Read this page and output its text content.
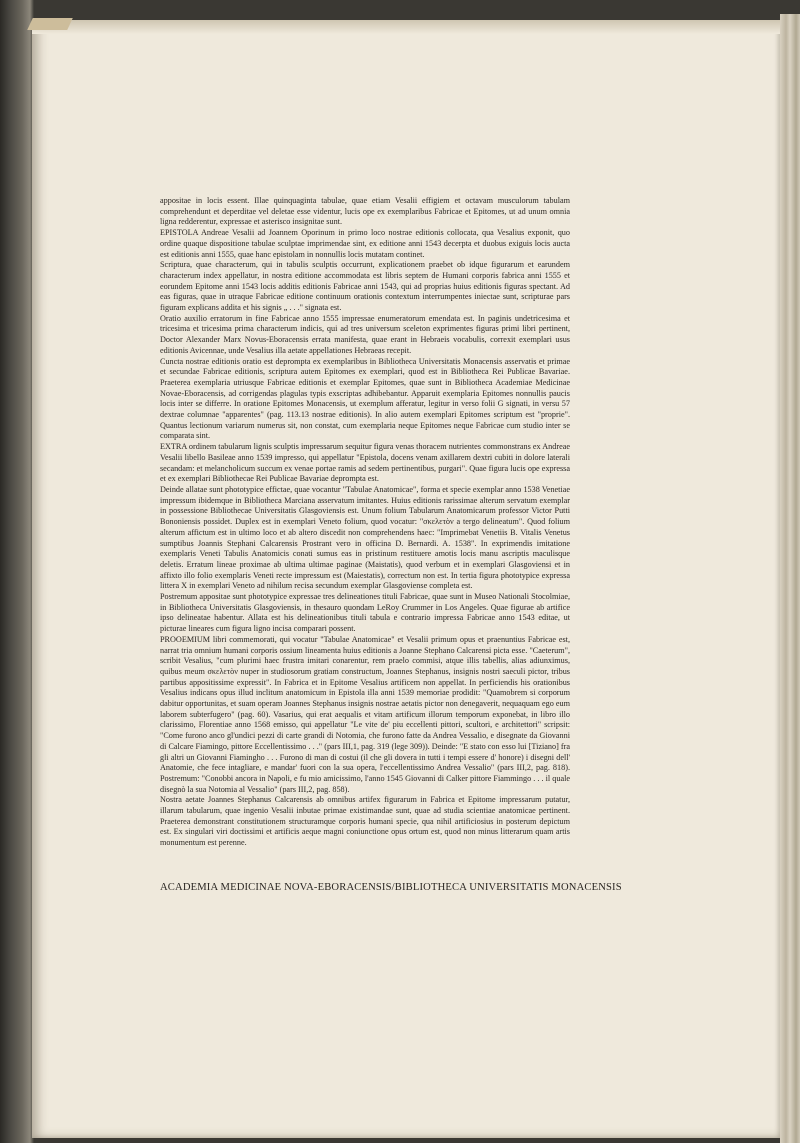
appositae in locis essent. Illae quinquaginta tabulae, quae etiam Vesalii effigiem et octavam musculorum tabulam comprehendunt et deperditae vel deletae esse videntur, lucis ope ex exemplaribus Fabricae et Epitomes, ut ad unum omnia ligna redderentur, expressae et asterisco insignitae sunt.

EPISTOLA Andreae Vesalii ad Joannem Oporinum in primo loco nostrae editionis collocata, qua Vesalius exponit, quo ordine quaque dispositione tabulae sculptae imprimendae sint, ex editione anni 1543 decerpta et duobus exiguis locis aucta est editionis anni 1555, quae hanc epistolam in nonnullis locis mutatam continet.

Scriptura, quae characterum, qui in tabulis sculptis occurrunt, explicationem praebet ob idque figurarum et earundem characterum index appellatur, in nostra editione accommodata est libris septem de Humani corporis fabrica anni 1555 et eorundem Epitome anni 1543 locis additis editionis Fabricae anni 1543, qui ad proprias huius editionis figuras spectant. Ad eas figuras, quae in utraque Fabricae editione continuum orationis contextum interrumpentes iniectae sunt, scripturae pars figuram explicans addita et his signis „ . . ." signata est.

Oratio auxilio erratorum in fine Fabricae anno 1555 impressae enumeratorum emendata est. In paginis undetricesima et tricesima et tricesima prima characterum indicis, qui ad tres universum sceleton exprimentes figuras primi libri pertinent, Doctor Alexander Marx Novus-Eboracensis errata manifesta, quae erant in Hebraeis vocabulis, correxit exemplari usus editionis Avicennae, unde Vesalius illa aetate appellationes Hebraeas recepit.

Cuncta nostrae editionis oratio est deprompta ex exemplaribus in Bibliotheca Universitatis Monacensis asservatis et primae et secundae Fabricae editionis, scriptura autem Epitomes ex exemplari, quod est in Bibliotheca Rei Publicae Bavariae. Praeterea exemplaria utriusque Fabricae editionis et exemplar Epitomes, quae sunt in Bibliotheca Academiae Medicinae Novae-Eboracensis, ad corrigendas plagulas typis exscriptas adhibebantur. Apparuit exemplaria Epitomes nonnullis paucis locis inter se differre. In oratione Epitomes Monacensis, ut exemplum afferatur, legitur in verso folii G signati, in versu 57 dextrae columnae "apparentes" (pag. 113.13 nostrae editionis). In alio autem exemplari Epitomes scriptum est "proprie". Quantus lectionum variarum numerus sit, non constat, cum exemplaria neque Epitomes neque Fabricae cum studio inter se comparata sint.

EXTRA ordinem tabularum lignis sculptis impressarum sequitur figura venas thoracem nutrientes commonstrans ex Andreae Vesalii libello Basileae anno 1539 impresso, qui appellatur "Epistola, docens venam axillarem dextri cubiti in dolore laterali secandam: et melancholicum succum ex venae portae ramis ad sedem pertinentibus, purgari". Quae figura lucis ope expressa et ex exemplari Bibliothecae Rei Publicae Bavariae deprompta est.

Deinde allatae sunt phototypice effictae, quae vocantur "Tabulae Anatomicae", forma et specie exemplar anno 1538 Venetiae impressum ibidemque in Bibliotheca Marciana asservatum imitantes. Huius editionis rarissimae alterum servatum exemplar in possessione Bibliothecae Universitatis Glasgoviensis est. Unum folium Tabularum Anatomicarum professor Victor Putti Bononiensis possidet. Duplex est in exemplari Veneto folium, quod vocatur: "σκελετὸν a tergo delineatum". Quod folium alterum affictum est in ultimo loco et ab altero discedit non comprehendens haec: "Imprimebat Venetiis B. Vitalis Venetus sumptibus Joannis Stephani Calcarensis Prostrant vero in officina D. Bernardi. A. 1538". In exprimendis imitatione exemplaris Veneti Tabulis Anatomicis conati sumus eas in pristinum restituere amotis locis manu ascriptis maculisque deletis. Erratum lineae proximae ab ultima ultimae paginae (Maistatis), quod verbum et in exemplari Glasgoviensi et in affixto illo folio exemplaris Veneti recte impressum est (Maiestatis), correctum non est. In tertia figura phototypice expressa littera X in exemplari Veneto ad nihilum recisa secundum exemplar Glasgoviense completa est.

Postremum appositae sunt phototypice expressae tres delineationes tituli Fabricae, quae sunt in Museo Nationali Stocolmiae, in Bibliotheca Universitatis Glasgoviensis, in thesauro quondam LeRoy Crummer in Los Angeles. Quae figurae ab artifice ipso delineatae habentur. Allata est his delineationibus tituli tabula e contrario impressa Fabricae anno 1543 editae, ut picturae lineares cum figura ligno incisa comparari possent.

PROOEMIUM libri commemorati, qui vocatur "Tabulae Anatomicae" et Vesalii primum opus et praenuntius Fabricae est, narrat tria omnium humani corporis ossium lineamenta huius editionis a Joanne Stephano Calcarensi picta esse. "Caeterum", scribit Vesalius, "cum plurimi haec frustra imitari conarentur, rem praelo commisi, atque illis tabellis, alias adiunximus, quibus meum σκελετὸν nuper in studiosorum gratiam constructum, Joannes Stephanus, insignis nostri saeculi pictor, tribus partibus appositissime expressit". In Fabrica et in Epitome Vesalius artificem non appellat. In perficiendis his orationibus Vesalius indicans opus illud inclitum anatomicum in Epistola illa anni 1539 memoriae prodidit: "Quamobrem si corporum dabitur opportunitas, et suam operam Joannes Stephanus insignis nostrae aetatis pictor non denegaverit, nequaquam ego eum laborem subterfugero" (pag. 60). Vasarius, qui erat aequalis et vitam artificum illorum temporum exponebat, in libro illo clarissimo, Florentiae anno 1568 emisso, qui appellatur "Le vite de' piu eccellenti pittori, scultori, e architettori" scripsit: "Come furono anco gl'undici pezzi di carte grandi di Notomia, che furono fatte da Andrea Vessalio, e disegnate da Giovanni di Calcare Fiamingo, pittore Eccellentissimo . . ." (pars III,1, pag. 319 (lege 309)). Deinde: "E stato con esso lui [Tiziano] fra gli altri un Giovanni Fiamingho . . . Furono di man di costui (il che gli dovera in tutti i tempi essere d' honore) i disegni dell' Anatomie, che fece intagliare, e mandar' fuori con la sua opera, l'eccellentissimo Andrea Vessalio" (pars III,2, pag. 818). Postremum: "Conobbi ancora in Napoli, e fu mio amicissimo, l'anno 1545 Giovanni di Calker pittore Fiammingo . . . il quale disegnò la sua Notomia al Vessalio" (pars III,2, pag. 858).

Nostra aetate Joannes Stephanus Calcarensis ab omnibus artifex figurarum in Fabrica et Epitome impressarum putatur, illarum tabularum, quae ingenio Vesalii inbutae primae existimandae sunt, quae ad studia scientiae anatomicae pertinent. Praeterea demonstrant constitutionem structuramque corporis humani specie, qua nihil artificiosius in posterum depictum est. Ex singulari viri doctissimi et artificis aeque magni coniunctione opus ortum est, quod non minus litterarum quam artis monumentum est perenne.

ACADEMIA MEDICINAE NOVA-EBORACENSIS/BIBLIOTHECA UNIVERSITATIS MONACENSIS
